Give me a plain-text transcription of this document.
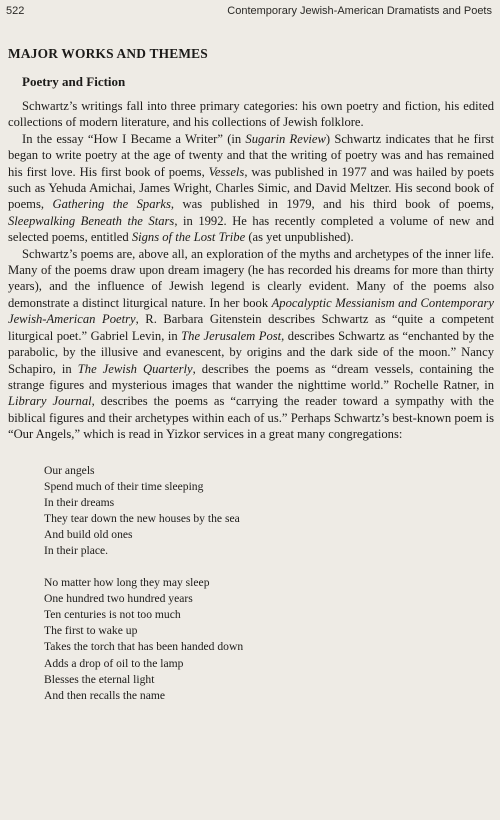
522	Contemporary Jewish-American Dramatists and Poets
MAJOR WORKS AND THEMES
Poetry and Fiction

Schwartz’s writings fall into three primary categories: his own poetry and fiction, his edited collections of modern literature, and his collections of Jewish folklore.

In the essay “How I Became a Writer” (in Sugarin Review) Schwartz indicates that he first began to write poetry at the age of twenty and that the writing of poetry was and has remained his first love. His first book of poems, Vessels, was published in 1977 and was hailed by poets such as Yehuda Amichai, James Wright, Charles Simic, and David Meltzer. His second book of poems, Gathering the Sparks, was published in 1979, and his third book of poems, Sleepwalking Beneath the Stars, in 1992. He has recently completed a volume of new and selected poems, entitled Signs of the Lost Tribe (as yet unpublished).

Schwartz’s poems are, above all, an exploration of the myths and archetypes of the inner life. Many of the poems draw upon dream imagery (he has recorded his dreams for more than thirty years), and the influence of Jewish legend is clearly evident. Many of the poems also demonstrate a distinct liturgical nature. In her book Apocalyptic Messianism and Contemporary Jewish-American Poetry, R. Barbara Gitenstein describes Schwartz as “quite a competent liturgical poet.” Gabriel Levin, in The Jerusalem Post, describes Schwartz as “enchanted by the parabolic, by the illusive and evanescent, by origins and the dark side of the moon.” Nancy Schapiro, in The Jewish Quarterly, describes the poems as “dream vessels, containing the strange figures and mysterious images that wander the nighttime world.” Rochelle Ratner, in Library Journal, describes the poems as “carrying the reader toward a sympathy with the biblical figures and their archetypes within each of us.” Perhaps Schwartz’s best-known poem is “Our Angels,” which is read in Yizkor services in a great many congregations:

Our angels
Spend much of their time sleeping
In their dreams
They tear down the new houses by the sea
And build old ones
In their place.
No matter how long they may sleep
One hundred two hundred years
Ten centuries is not too much
The first to wake up
Takes the torch that has been handed down
Adds a drop of oil to the lamp
Blesses the eternal light
And then recalls the name
